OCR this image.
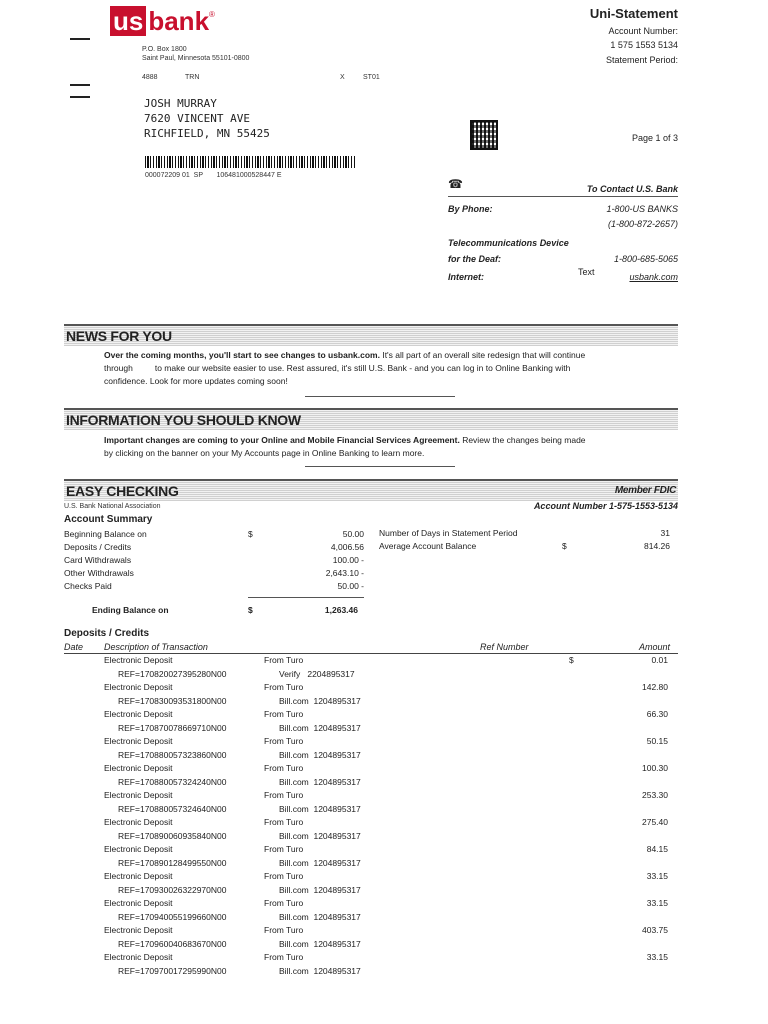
us bank ®
P.O. Box 1800
Saint Paul, Minnesota 55101-0800
4888	TRN	X	ST01
Uni-Statement
Account Number:
1 575 1553 5134
Statement Period:
Page 1 of 3
JOSH MURRAY
7620 VINCENT AVE
RICHFIELD, MN 55425
000072209 01  SP       106481000528447 E
☎	To Contact U.S. Bank
By Phone:	1-800-US BANKS
(1-800-872-2657)
Telecommunications Device
for the Deaf:	1-800-685-5065
Internet:	Text	usbank.com
NEWS FOR YOU
Over the coming months, you'll start to see changes to usbank.com. It's all part of an overall site redesign that will continue
through	to make our website easier to use. Rest assured, it's still U.S. Bank - and you can log in to Online Banking with
confidence. Look for more updates coming soon!
INFORMATION YOU SHOULD KNOW
Important changes are coming to your Online and Mobile Financial Services Agreement. Review the changes being made
by clicking on the banner on your My Accounts page in Online Banking to learn more.
EASY CHECKING	Member FDIC
U.S. Bank National Association	Account Number 1-575-1553-5134
Account Summary
Beginning Balance on	$	50.00
Deposits / Credits	4,006.56
Card Withdrawals	100.00 -
Other Withdrawals	2,643.10 -
Checks Paid	50.00 -
Ending Balance on	$	1,263.46
Number of Days in Statement Period	31
Average Account Balance	$	814.26
Deposits / Credits
Date Description of Transaction	Ref Number	Amount
Electronic Deposit	From Turo	$	0.01
REF=170820027395280N00	Verify   2204895317
Electronic Deposit	From Turo	142.80
REF=170830093531800N00	Bill.com  1204895317
Electronic Deposit	From Turo	66.30
REF=170870078669710N00	Bill.com  1204895317
Electronic Deposit	From Turo	50.15
REF=170880057323860N00	Bill.com  1204895317
Electronic Deposit	From Turo	100.30
REF=170880057324240N00	Bill.com  1204895317
Electronic Deposit	From Turo	253.30
REF=170880057324640N00	Bill.com  1204895317
Electronic Deposit	From Turo	275.40
REF=170890060935840N00	Bill.com  1204895317
Electronic Deposit	From Turo	84.15
REF=170890128499550N00	Bill.com  1204895317
Electronic Deposit	From Turo	33.15
REF=170930026322970N00	Bill.com  1204895317
Electronic Deposit	From Turo	33.15
REF=170940055199660N00	Bill.com  1204895317
Electronic Deposit	From Turo	403.75
REF=170960040683670N00	Bill.com  1204895317
Electronic Deposit	From Turo	33.15
REF=170970017295990N00	Bill.com  1204895317
